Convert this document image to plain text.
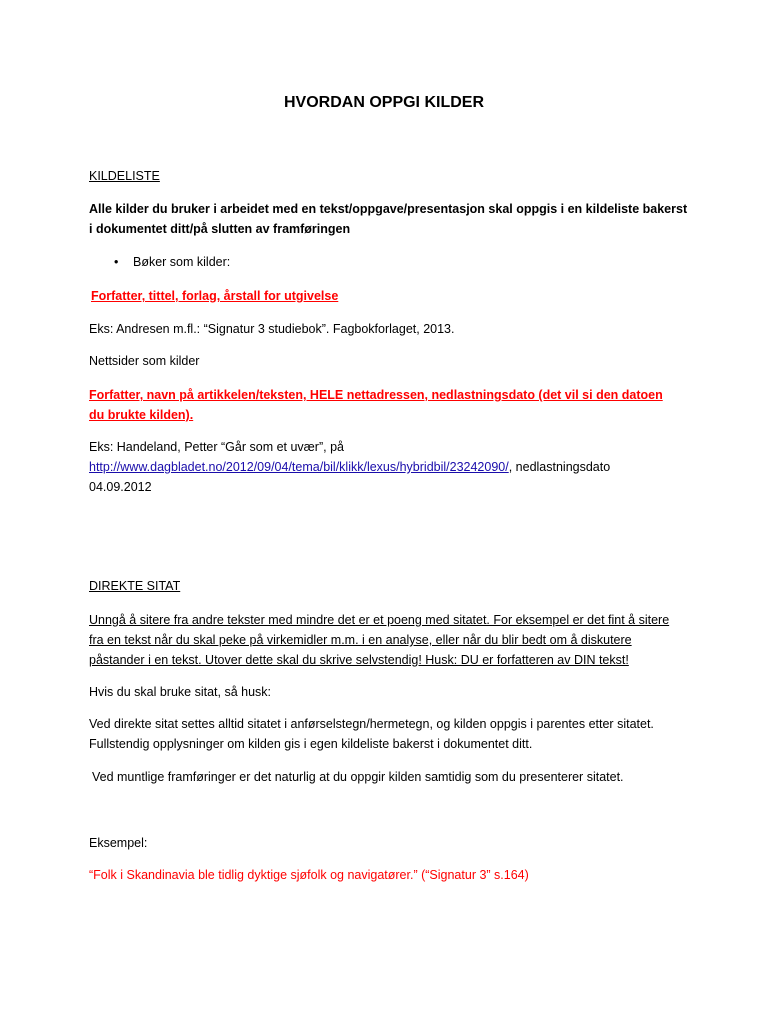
HVORDAN OPPGI KILDER

KILDELISTE

Alle kilder du bruker i arbeidet med en tekst/oppgave/presentasjon skal oppgis i en kildeliste bakerst i dokumentet ditt/på slutten av framføringen

• Bøker som kilder:

Forfatter, tittel, forlag, årstall for utgivelse

Eks: Andresen m.fl.: “Signatur 3 studiebok”. Fagbokforlaget, 2013.

Nettsider som kilder

Forfatter, navn på artikkelen/teksten, HELE nettadressen, nedlastningsdato (det vil si den datoen du brukte kilden).

Eks: Handeland, Petter “Går som et uvær”, på
http://www.dagbladet.no/2012/09/04/tema/bil/klikk/lexus/hybridbil/23242090/, nedlastningsdato
04.09.2012

DIREKTE SITAT

Unngå å sitere fra andre tekster med mindre det er et poeng med sitatet. For eksempel er det fint å sitere fra en tekst når du skal peke på virkemidler m.m. i en analyse, eller når du blir bedt om å diskutere påstander i en tekst. Utover dette skal du skrive selvstendig! Husk: DU er forfatteren av DIN tekst!

Hvis du skal bruke sitat, så husk:

Ved direkte sitat settes alltid sitatet i anførselstegn/hermetegn, og kilden oppgis i parentes etter sitatet. Fullstendig opplysninger om kilden gis i egen kildeliste bakerst i dokumentet ditt.

Ved muntlige framføringer er det naturlig at du oppgir kilden samtidig som du presenterer sitatet.

Eksempel:

“Folk i Skandinavia ble tidlig dyktige sjøfolk og navigatører.” (“Signatur 3” s.164)
